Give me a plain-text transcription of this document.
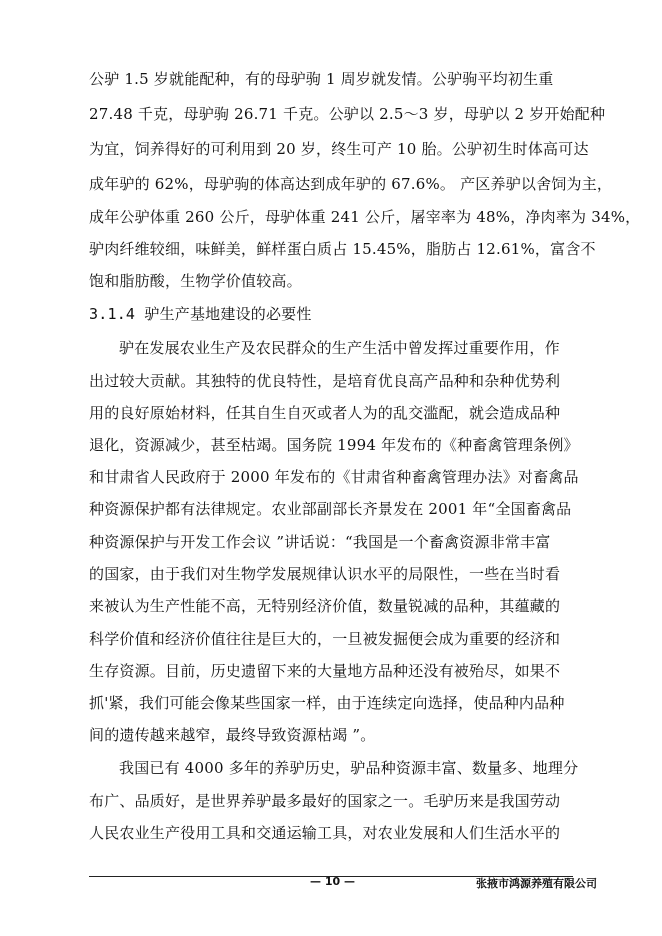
公驴 1.5 岁就能配种，有的母驴驹 1 周岁就发情。公驴驹平均初生重
27.48 千克，母驴驹 26.71 千克。公驴以 2.5～3 岁，母驴以 2 岁开始配种
为宜，饲养得好的可利用到 20 岁，终生可产 10 胎。公驴初生时体高可达
成年驴的 62%，母驴驹的体高达到成年驴的 67.6%。 产区养驴以舍饲为主，
成年公驴体重 260 公斤，母驴体重 241 公斤，屠宰率为 48%，净肉率为 34%，
驴肉纤维较细，味鲜美，鲜样蛋白质占 15.45%，脂肪占 12.61%，富含不
饱和脂肪酸，生物学价值较高。
3.1.4 驴生产基地建设的必要性
驴在发展农业生产及农民群众的生产生活中曾发挥过重要作用，作
出过较大贡献。其独特的优良特性，是培育优良高产品种和杂种优势利
用的良好原始材料，任其自生自灭或者人为的乱交滥配，就会造成品种
退化，资源减少，甚至枯竭。国务院 1994 年发布的《种畜禽管理条例》
和甘肃省人民政府于 2000 年发布的《甘肃省种畜禽管理办法》对畜禽品
种资源保护都有法律规定。农业部副部长齐景发在 2001 年“全国畜禽品
种资源保护与开发工作会议 ”讲话说：“我国是一个畜禽资源非常丰富
的国家，由于我们对生物学发展规律认识水平的局限性，一些在当时看
来被认为生产性能不高，无特别经济价值，数量锐减的品种，其蕴藏的
科学价值和经济价值往往是巨大的，一旦被发掘便会成为重要的经济和
生存资源。目前，历史遗留下来的大量地方品种还没有被殆尽，如果不
抓'紧，我们可能会像某些国家一样，由于连续定向选择，使品种内品种
间的遗传越来越窄，最终导致资源枯竭 ”。
我国已有 4000 多年的养驴历史，驴品种资源丰富、数量多、地理分
布广、品质好，是世界养驴最多最好的国家之一。毛驴历来是我国劳动
人民农业生产役用工具和交通运输工具，对农业发展和人们生活水平的
— 10 —	张掖市鸿源养殖有限公司
